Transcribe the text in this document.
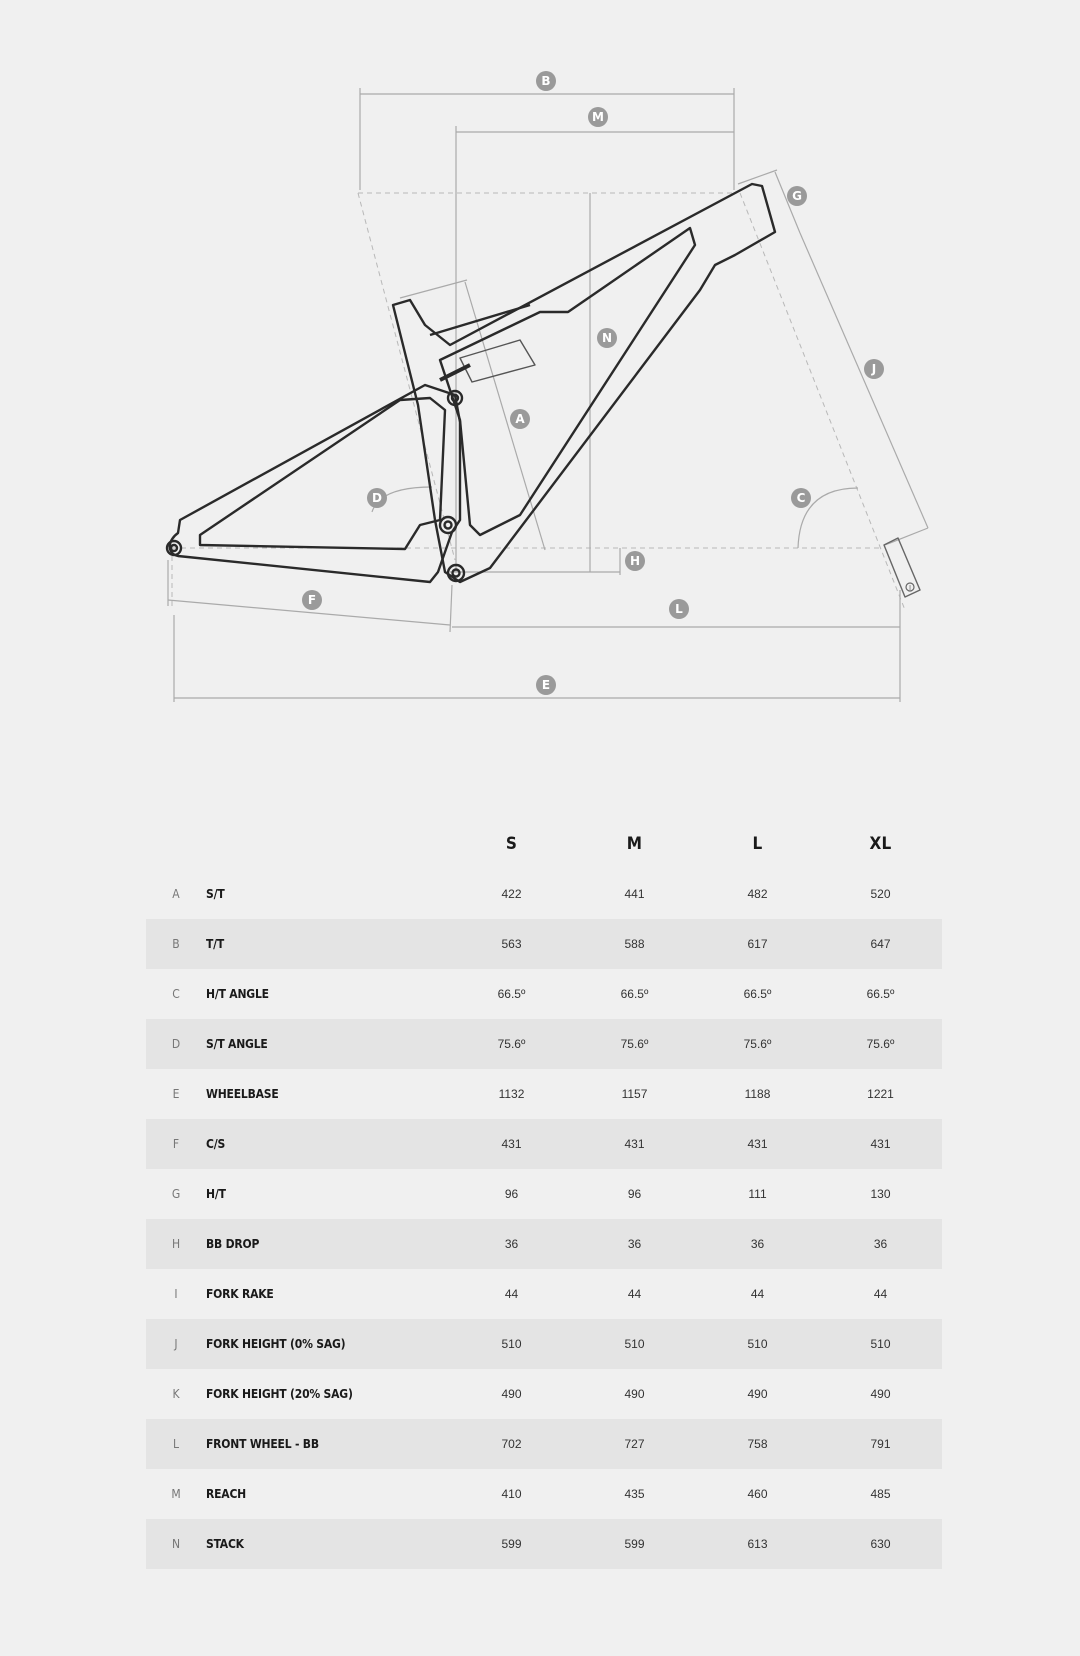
B
M
G
N
J
A
D	C
H
F
L
E
I
		S	M	L	XL
A	S/T	422	441	482	520
B	T/T	563	588	617	647
C	H/T ANGLE	66.5º	66.5º	66.5º	66.5º
D	S/T ANGLE	75.6º	75.6º	75.6º	75.6º
E	WHEELBASE	1132	1157	1188	1221
F	C/S	431	431	431	431
G	H/T	96	96	111	130
H	BB DROP	36	36	36	36
I	FORK RAKE	44	44	44	44
J	FORK HEIGHT (0% SAG)	510	510	510	510
K	FORK HEIGHT (20% SAG)	490	490	490	490
L	FRONT WHEEL - BB	702	727	758	791
M	REACH	410	435	460	485
N	STACK	599	599	613	630
